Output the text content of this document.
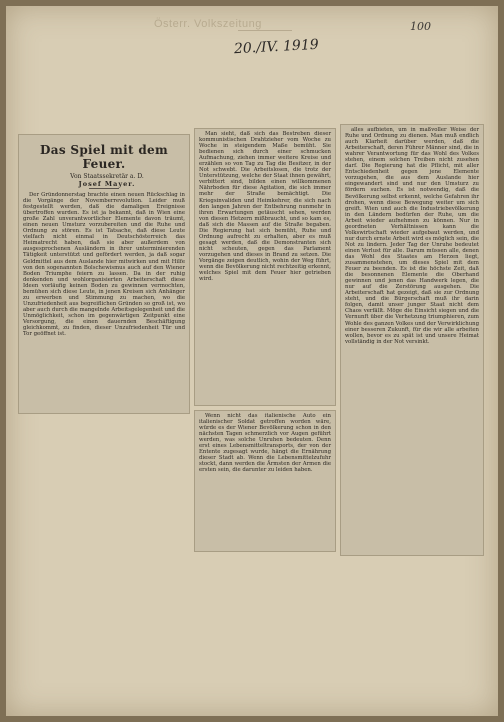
Österr. Volkszeitung
20./IV. 1919
100
Das Spiel mit dem Feuer.

Von Staatssekretär a. D.

Josef Mayer.

Der Gründonnerstag brachte einen neuen Rückschlag in die Vorgänge der Novemberrevolution. Leider muß festgestellt werden, daß die damaligen Ereignisse übertroffen wurden. Es ist ja bekannt, daß in Wien eine große Zahl unverantwortlicher Elemente davon träumt, einen neuen Umsturz vorzubereiten und die Ruhe und Ordnung zu stören. Es ist Tatsache, daß diese Leute vielfach nicht einmal in Deutschösterreich das Heimatrecht haben, daß sie aber außerdem von ausgesprochenen Ausländern in ihrer unterminierenden Tätigkeit unterstützt und gefördert werden, ja daß sogar Geldmittel aus dem Auslande hier mitwirken und mit Hilfe von den sogenannten Bolschewismus auch auf den Wiener Boden Triumphe feiern zu lassen. Da in der ruhig denkenden und wohlorganisierten Arbeiterschaft diese Ideen vorläufig keinen Boden zu gewinnen vermochten, bemühen sich diese Leute, in jenen Kreisen sich Anhänger zu erwerben und Stimmung zu machen, wo die Unzufriedenheit aus begreiflichen Gründen so groß ist, wo aber auch durch die mangelnde Arbeitsgelegenheit und die Unmöglichkeit, schon im gegenwärtigen Zeitpunkt eine Versorgung, die einen dauernden Beschäftigung gleichkommt, zu finden, dieser Unzufriedenheit Tür und Tor geöffnet ist.

Man sieht, daß sich das Bestreben dieser kommunistischen Drahtzieher vom Woche zu Woche in steigendem Maße bemüht. Sie bedienen sich durch einer schmucken Aufmachung, ziehen immer weitere Kreise und erzählen so von Tag zu Tag die Besitzer, in der Not schwebt. Die Arbeitslosen, die trotz der Unterstützung, welche der Staat ihnen gewährt, verbittert sind, bilden einen willkommenen Nährboden für diese Agitation, die sich immer mehr der Straße bemächtigt. Die Kriegsinvaliden und Heimkehrer, die sich nach den langen Jahren der Entbehrung nunmehr in ihren Erwartungen getäuscht sehen, werden von diesen Hetzern mißbraucht, und so kam es, daß sich die Massen auf die Straße begaben. Die Regierung hat sich bemüht, Ruhe und Ordnung aufrecht zu erhalten, aber es muß gesagt werden, daß die Demonstranten sich nicht scheuten, gegen das Parlament vorzugehen und dieses in Brand zu setzen. Die Vorgänge zeigen deutlich, wohin der Weg führt, wenn die Bevölkerung nicht rechtzeitig erkennt, welches Spiel mit dem Feuer hier getrieben wird.

Wenn nicht das italienische Auto ein italienischer Soldat getroffen worden wäre, würde es der Wiener Bevölkerung schon in den nächsten Tagen schmerzlich vor Augen geführt werden, was solche Unruhen bedeuten. Denn erst eines Lebensmitteltransports, der von der Entente zugesagt wurde, hängt die Ernährung dieser Stadt ab. Wenn die Lebensmittelzufuhr stockt, dann werden die Ärmsten der Armen die ersten sein, die darunter zu leiden haben.

alles aufbieten, um in maßvoller Weise der Ruhe und Ordnung zu dienen. Man muß endlich auch Klarheit darüber werden, daß die Arbeiterschaft, deren Führer Männer sind, die in wahrer Verantwortung für das Wohl des Volkes stehen, einem solchen Treiben nicht zusehen darf. Die Regierung hat die Pflicht, mit aller Entschiedenheit gegen jene Elemente vorzugehen, die aus dem Auslande hier eingewandert sind und nur den Umsturz zu fördern suchen. Es ist notwendig, daß die Bevölkerung selbst erkennt, welche Gefahren ihr drohen, wenn diese Bewegung weiter um sich greift. Wien und auch die Industriebevölkerung in den Ländern bedürfen der Ruhe, um die Arbeit wieder aufnehmen zu können. Nur in geordneten Verhältnissen kann die Volkswirtschaft wieder aufgebaut werden, und nur durch ernste Arbeit wird es möglich sein, die Not zu lindern. Jeder Tag der Unruhe bedeutet einen Verlust für alle. Darum müssen alle, denen das Wohl des Staates am Herzen liegt, zusammenstehen, um dieses Spiel mit dem Feuer zu beenden. Es ist die höchste Zeit, daß die besonnenen Elemente die Oberhand gewinnen und jenen das Handwerk legen, die nur auf die Zerstörung ausgehen. Die Arbeiterschaft hat gezeigt, daß sie zur Ordnung steht, und die Bürgerschaft muß ihr darin folgen, damit unser junger Staat nicht dem Chaos verfällt. Möge die Einsicht siegen und die Vernunft über die Verhetzung triumphieren, zum Wohle des ganzen Volkes und der Verwirklichung einer besseren Zukunft, für die wir alle arbeiten wollen, bevor es zu spät ist und unsere Heimat vollständig in der Not versinkt.
